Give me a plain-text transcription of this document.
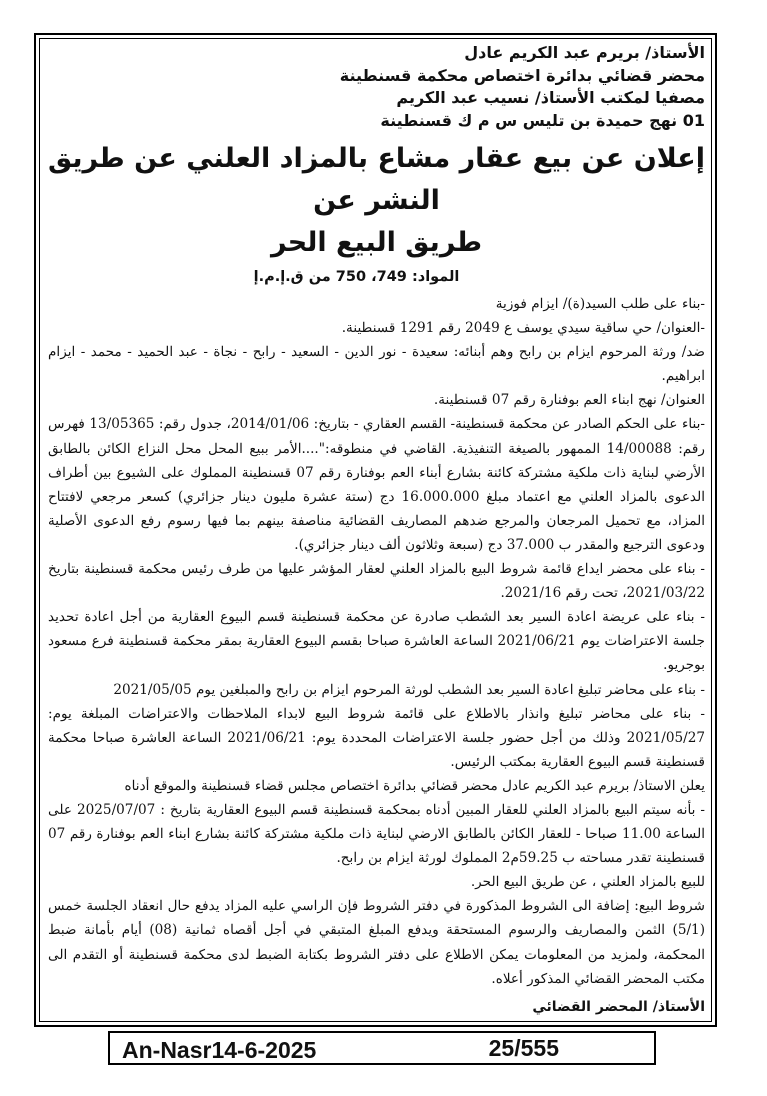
الأستاذ/ بريرم عبد الكريم عادل
محضر قضائي بدائرة اختصاص محكمة قسنطينة
مصفيا لمكتب الأستاذ/ نسيب عبد الكريم
01 نهج حميدة بن تليس س م ك قسنطينة
إعلان عن بيع عقار مشاع بالمزاد العلني عن طريق النشر عن
طريق البيع الحر
المواد: 749، 750 من ق.إ.م.إ

-بناء على طلب السيد(ة)/ ايزام فوزية

-العنوان/ حي ساقية سيدي يوسف ع 2049 رقم 1291 قسنطينة.

ضد/ ورثة المرحوم ايزام بن رابح وهم أبنائه: سعيدة - نور الدين - السعيد - رابح - نجاة - عبد الحميد - محمد - ايزام ابراهيم.

العنوان/ نهج ابناء العم بوفنارة رقم 07 قسنطينة.

-بناء على الحكم الصادر عن محكمة قسنطينة- القسم العقاري - بتاريخ: 2014/01/06، جدول رقم: 13/05365 فهرس رقم: 14/00088 الممهور بالصيغة التنفيذية. القاضي في منطوقه:"....الأمر ببيع المحل محل النزاع الكائن بالطابق الأرضي لبناية ذات ملكية مشتركة كائنة بشارع أبناء العم بوفنارة رقم 07 قسنطينة المملوك على الشيوع بين أطراف الدعوى بالمزاد العلني مع اعتماد مبلغ 16.000.000 دج (ستة عشرة مليون دينار جزائري) كسعر مرجعي لافتتاح المزاد، مع تحميل المرجعان والمرجع ضدهم المصاريف القضائية مناصفة بينهم بما فيها رسوم رفع الدعوى الأصلية ودعوى الترجيع والمقدر ب 37.000 دج (سبعة وثلاثون ألف دينار جزائري).

- بناء على محضر ايداع قائمة شروط البيع بالمزاد العلني لعقار المؤشر عليها من طرف رئيس محكمة قسنطينة بتاريخ 2021/03/22، تحت رقم 2021/16.

- بناء على عريضة اعادة السير بعد الشطب صادرة عن محكمة قسنطينة قسم البيوع العقارية من أجل اعادة تحديد جلسة الاعتراضات يوم 2021/06/21 الساعة العاشرة صباحا بقسم البيوع العقارية بمقر محكمة قسنطينة فرع مسعود بوجريو.

- بناء على محاضر تبليغ اعادة السير بعد الشطب لورثة المرحوم ايزام بن رابح والمبلغين يوم 2021/05/05

- بناء على محاضر تبليغ وانذار بالاطلاع على قائمة شروط البيع لابداء الملاحظات والاعتراضات المبلغة يوم: 2021/05/27 وذلك من أجل حضور جلسة الاعتراضات المحددة يوم: 2021/06/21 الساعة العاشرة صباحا محكمة قسنطينة قسم البيوع العقارية بمكتب الرئيس.

يعلن الاستاذ/ بريرم عبد الكريم عادل محضر قضائي بدائرة اختصاص مجلس قضاء قسنطينة والموقع أدناه

- بأنه سيتم البيع بالمزاد العلني للعقار المبين أدناه بمحكمة قسنطينة قسم البيوع العقارية بتاريخ : 2025/07/07 على الساعة 11.00 صباحا - للعقار الكائن بالطابق الارضي لبناية ذات ملكية مشتركة كائنة بشارع ابناء العم بوفنارة رقم 07 قسنطينة تقدر مساحته ب 59.25م2 المملوك لورثة ايزام بن رابح.

للبيع بالمزاد العلني ، عن طريق البيع الحر.

شروط البيع: إضافة الى الشروط المذكورة في دفتر الشروط فإن الراسي عليه المزاد يدفع حال انعقاد الجلسة خمس (5/1) الثمن والمصاريف والرسوم المستحقة ويدفع المبلغ المتبقي في أجل أقصاه ثمانية (08) أيام بأمانة ضبط المحكمة، ولمزيد من المعلومات يمكن الاطلاع على دفتر الشروط بكتابة الضبط لدى محكمة قسنطينة أو التقدم الى مكتب المحضر القضائي المذكور أعلاه.

الأستاذ/ المحضر القضائي
An-Nasr14-6-2025	25/555
